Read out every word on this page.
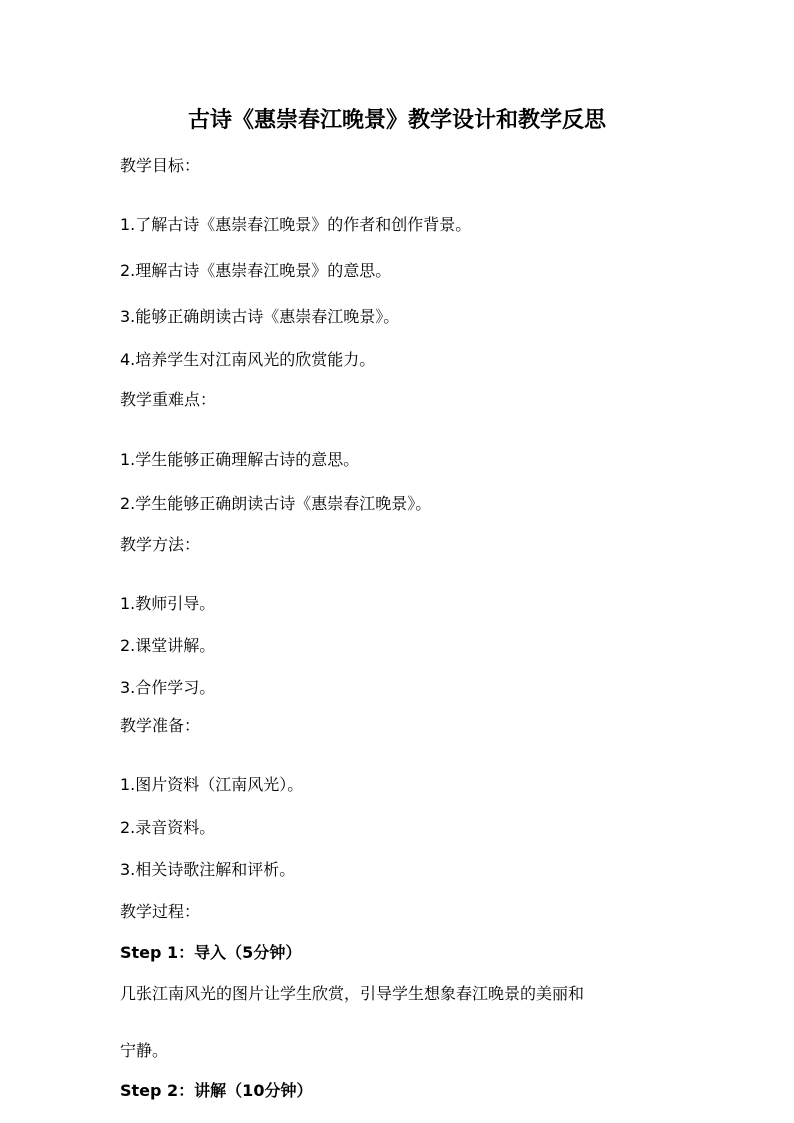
古诗《惠崇春江晚景》教学设计和教学反思
教学目标：
1.了解古诗《惠崇春江晚景》的作者和创作背景。
2.理解古诗《惠崇春江晚景》的意思。
3.能够正确朗读古诗《惠崇春江晚景》。
4.培养学生对江南风光的欣赏能力。
教学重难点：
1.学生能够正确理解古诗的意思。
2.学生能够正确朗读古诗《惠崇春江晚景》。
教学方法：
1.教师引导。
2.课堂讲解。
3.合作学习。
教学准备：
1.图片资料（江南风光）。
2.录音资料。
3.相关诗歌注解和评析。
教学过程：
Step 1：导入（5分钟）
几张江南风光的图片让学生欣赏，引导学生想象春江晚景的美丽和
宁静。
Step 2：讲解（10分钟）
